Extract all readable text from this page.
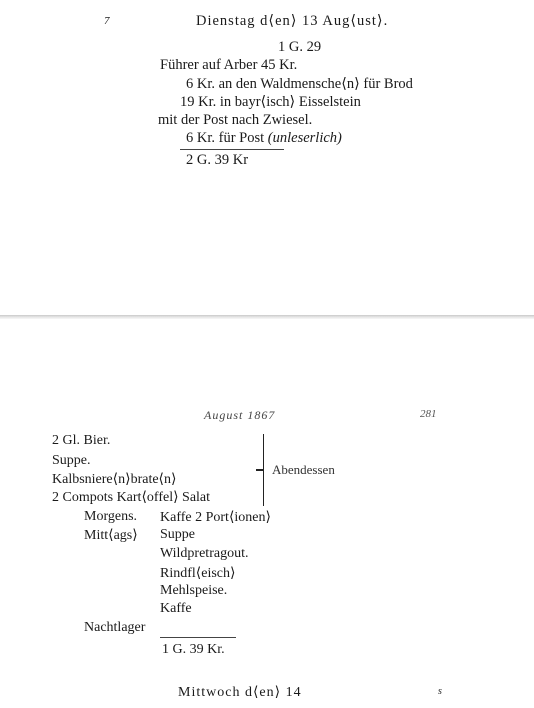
7	Dienstag d⟨en⟩ 13 Aug⟨ust⟩.
1 G. 29
Führer auf Arber 45 Kr.
6 Kr. an den Waldmensche⟨n⟩ für Brod
19 Kr. in bayr⟨isch⟩ Eisselstein
mit der Post nach Zwiesel.
6 Kr. für Post (unleserlich)
2 G. 39 Kr
August 1867	281
2 Gl. Bier.
Suppe.
Kalbsniere⟨n⟩brate⟨n⟩
2 Compots Kart⟨offel⟩ Salat
Abendessen
Morgens. Kaffe 2 Port⟨ionen⟩
Mitt⟨ags⟩ Suppe
Wildpretragout.
Rindfl⟨eisch⟩
Mehlspeise.
Kaffe
Nachtlager
1 G. 39 Kr.
Mittwoch d⟨en⟩ 14	s
